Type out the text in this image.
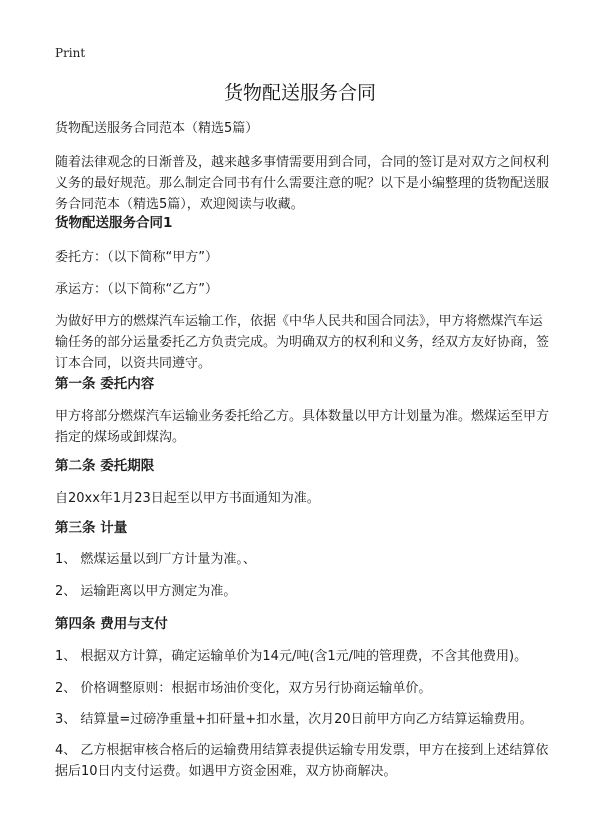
Print
货物配送服务合同
货物配送服务合同范本（精选5篇）
随着法律观念的日渐普及，越来越多事情需要用到合同，合同的签订是对双方之间权利义务的最好规范。那么制定合同书有什么需要注意的呢？以下是小编整理的货物配送服务合同范本（精选5篇），欢迎阅读与收藏。
货物配送服务合同1
委托方：（以下简称“甲方”）
承运方：（以下简称“乙方”）
为做好甲方的燃煤汽车运输工作，依据《中华人民共和国合同法》，甲方将燃煤汽车运输任务的部分运量委托乙方负责完成。为明确双方的权利和义务，经双方友好协商，签订本合同，以资共同遵守。
第一条 委托内容
甲方将部分燃煤汽车运输业务委托给乙方。具体数量以甲方计划量为准。燃煤运至甲方指定的煤场或卸煤沟。
第二条 委托期限
自20xx年1月23日起至以甲方书面通知为准。
第三条 计量
1、 燃煤运量以到厂方计量为准。、
2、 运输距离以甲方测定为准。
第四条 费用与支付
1、 根据双方计算，确定运输单价为14元/吨(含1元/吨的管理费，不含其他费用)。
2、 价格调整原则：根据市场油价变化，双方另行协商运输单价。
3、 结算量=过磅净重量+扣矸量+扣水量，次月20日前甲方向乙方结算运输费用。
4、 乙方根据审核合格后的运输费用结算表提供运输专用发票，甲方在接到上述结算依据后10日内支付运费。如遇甲方资金困难，双方协商解决。
